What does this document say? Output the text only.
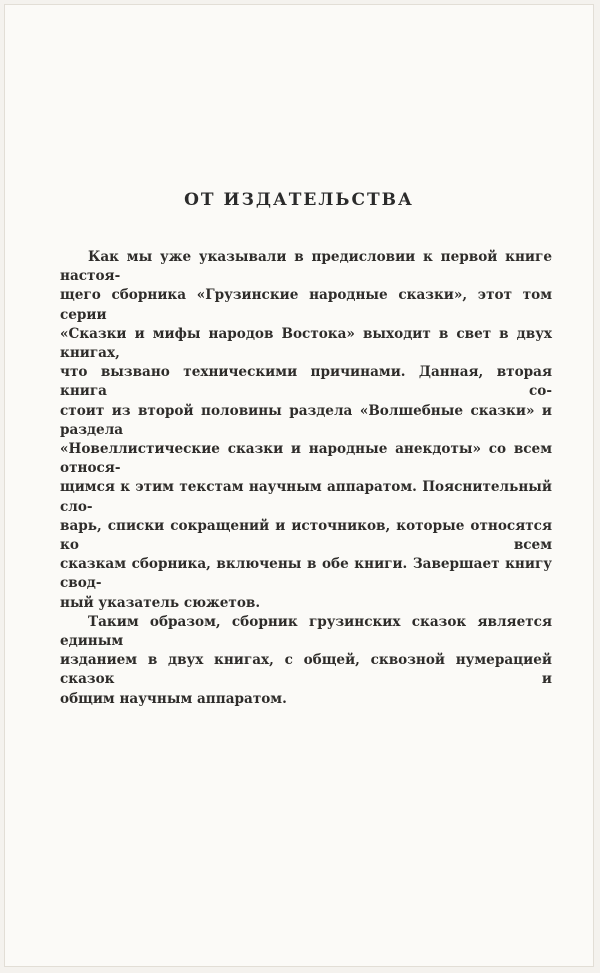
ОТ ИЗДАТЕЛЬСТВА
Как мы уже указывали в предисловии к первой книге настоя-
щего сборника «Грузинские народные сказки», этот том серии
«Сказки и мифы народов Востока» выходит в свет в двух книгах,
что вызвано техническими причинами. Данная, вторая книга со-
стоит из второй половины раздела «Волшебные сказки» и раздела
«Новеллистические сказки и народные анекдоты» со всем относя-
щимся к этим текстам научным аппаратом. Пояснительный сло-
варь, списки сокращений и источников, которые относятся ко всем
сказкам сборника, включены в обе книги. Завершает книгу свод-
ный указатель сюжетов.
Таким образом, сборник грузинских сказок является единым
изданием в двух книгах, с общей, сквозной нумерацией сказок и
общим научным аппаратом.
